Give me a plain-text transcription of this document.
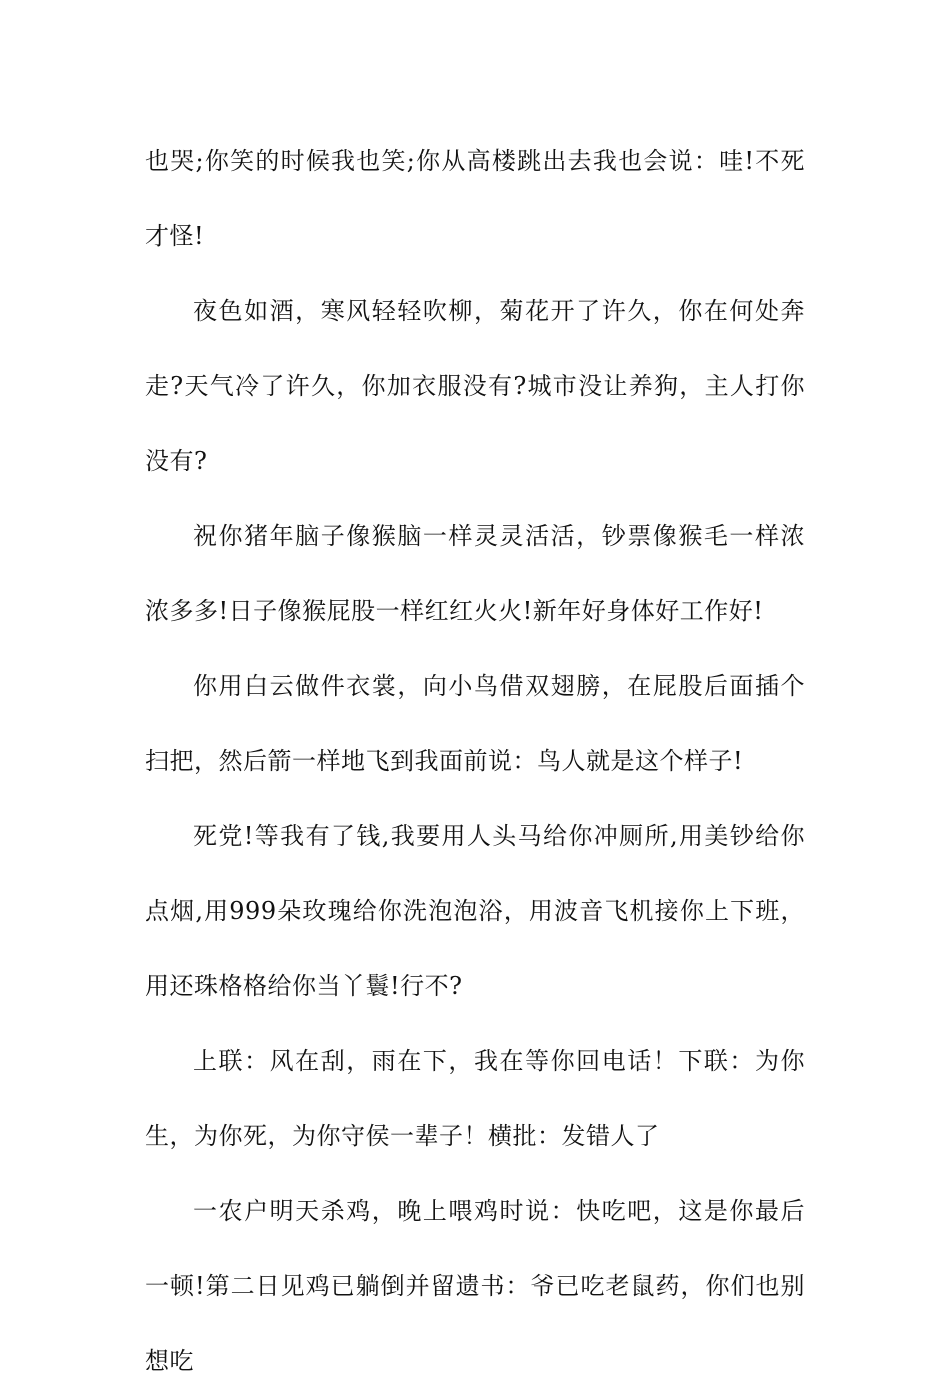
也哭;你笑的时候我也笑;你从高楼跳出去我也会说：哇!不死才怪!

夜色如酒，寒风轻轻吹柳，菊花开了许久，你在何处奔走?天气冷了许久，你加衣服没有?城市没让养狗，主人打你没有?

祝你猪年脑子像猴脑一样灵灵活活，钞票像猴毛一样浓浓多多!日子像猴屁股一样红红火火!新年好身体好工作好!

你用白云做件衣裳，向小鸟借双翅膀，在屁股后面插个扫把，然后箭一样地飞到我面前说：鸟人就是这个样子!

死党!等我有了钱,我要用人头马给你冲厕所,用美钞给你点烟,用999朵玫瑰给你洗泡泡浴，用波音飞机接你上下班，用还珠格格给你当丫鬟!行不?

上联：风在刮，雨在下，我在等你回电话！下联：为你生，为你死，为你守侯一辈子！横批：发错人了

一农户明天杀鸡，晚上喂鸡时说：快吃吧，这是你最后一顿!第二日见鸡已躺倒并留遗书：爷已吃老鼠药，你们也别想吃
